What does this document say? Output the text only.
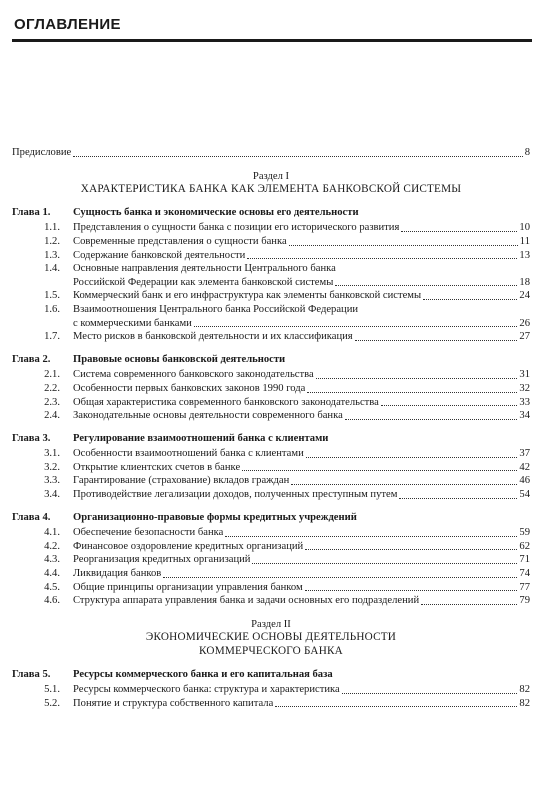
ОГЛАВЛЕНИЕ
Предисловие	8
Раздел I
ХАРАКТЕРИСТИКА БАНКА КАК ЭЛЕМЕНТА БАНКОВСКОЙ СИСТЕМЫ
Глава 1.	Сущность банка и экономические основы его деятельности
1.1. Представления о сущности банка с позиции его исторического развития	10
1.2. Современные представления о сущности банка	11
1.3. Содержание банковской деятельности	13
1.4. Основные направления деятельности Центрального банка
Российской Федерации как элемента банковской системы	18
1.5. Коммерческий банк и его инфраструктура как элементы банковской системы	24
1.6. Взаимоотношения Центрального банка Российской Федерации
с коммерческими банками	26
1.7. Место рисков в банковской деятельности и их классификация	27
Глава 2.	Правовые основы банковской деятельности
2.1. Система современного банковского законодательства	31
2.2. Особенности первых банковских законов 1990 года	32
2.3. Общая характеристика современного банковского законодательства	33
2.4. Законодательные основы деятельности современного банка	34
Глава 3.	Регулирование взаимоотношений банка с клиентами
3.1. Особенности взаимоотношений банка с клиентами	37
3.2. Открытие клиентских счетов в банке	42
3.3. Гарантирование (страхование) вкладов граждан	46
3.4. Противодействие легализации доходов, полученных преступным путем	54
Глава 4.	Организационно-правовые формы кредитных учреждений
4.1. Обеспечение безопасности банка	59
4.2. Финансовое оздоровление кредитных организаций	62
4.3. Реорганизация кредитных организаций	71
4.4. Ликвидация банков	74
4.5. Общие принципы организации управления банком	77
4.6. Структура аппарата управления банка и задачи основных его подразделений	79
Раздел II
ЭКОНОМИЧЕСКИЕ ОСНОВЫ ДЕЯТЕЛЬНОСТИ
КОММЕРЧЕСКОГО БАНКА
Глава 5.	Ресурсы коммерческого банка и его капитальная база
5.1. Ресурсы коммерческого банка: структура и характеристика	82
5.2. Понятие и структура собственного капитала	82
